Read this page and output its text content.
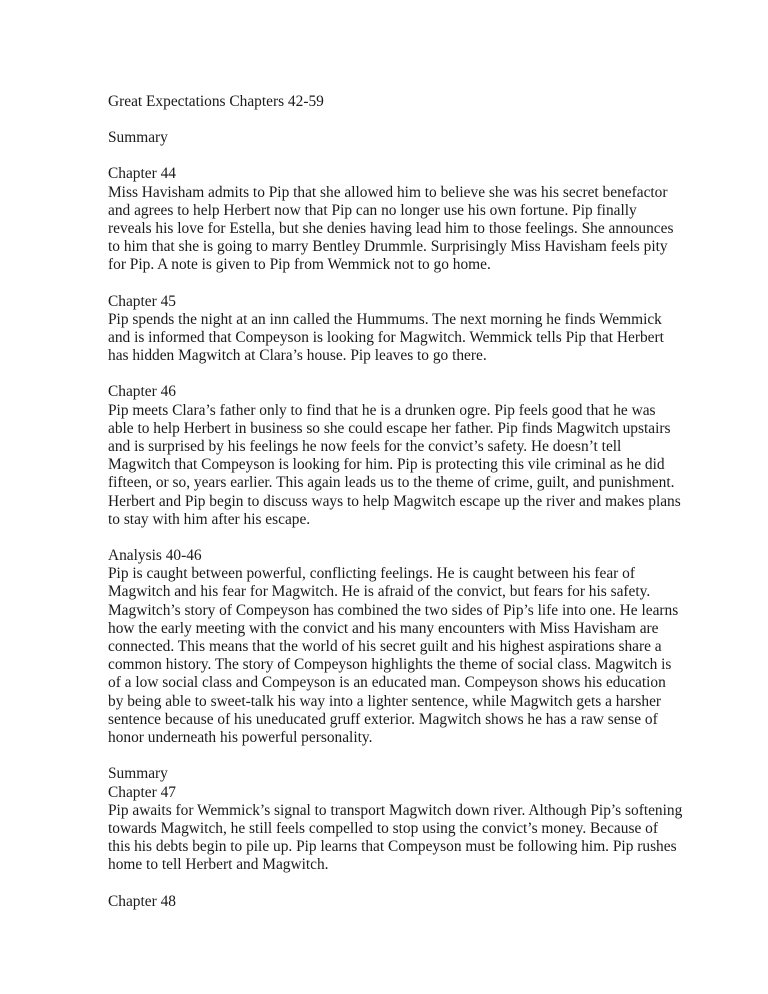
Great Expectations Chapters 42-59
Summary
Chapter 44

Miss Havisham admits to Pip that she allowed him to believe she was his secret benefactor and agrees to help Herbert now that Pip can no longer use his own fortune. Pip finally reveals his love for Estella, but she denies having lead him to those feelings. She announces to him that she is going to marry Bentley Drummle. Surprisingly Miss Havisham feels pity for Pip. A note is given to Pip from Wemmick not to go home.

Chapter 45

Pip spends the night at an inn called the Hummums. The next morning he finds Wemmick and is informed that Compeyson is looking for Magwitch. Wemmick tells Pip that Herbert has hidden Magwitch at Clara’s house. Pip leaves to go there.

Chapter 46

Pip meets Clara’s father only to find that he is a drunken ogre. Pip feels good that he was able to help Herbert in business so she could escape her father. Pip finds Magwitch upstairs and is surprised by his feelings he now feels for the convict’s safety. He doesn’t tell Magwitch that Compeyson is looking for him. Pip is protecting this vile criminal as he did fifteen, or so, years earlier. This again leads us to the theme of crime, guilt, and punishment. Herbert and Pip begin to discuss ways to help Magwitch escape up the river and makes plans to stay with him after his escape.

Analysis 40-46

Pip is caught between powerful, conflicting feelings. He is caught between his fear of Magwitch and his fear for Magwitch. He is afraid of the convict, but fears for his safety. Magwitch’s story of Compeyson has combined the two sides of Pip’s life into one. He learns how the early meeting with the convict and his many encounters with Miss Havisham are connected. This means that the world of his secret guilt and his highest aspirations share a common history. The story of Compeyson highlights the theme of social class. Magwitch is of a low social class and Compeyson is an educated man. Compeyson shows his education by being able to sweet-talk his way into a lighter sentence, while Magwitch gets a harsher sentence because of his uneducated gruff exterior. Magwitch shows he has a raw sense of honor underneath his powerful personality.

Summary
Chapter 47

Pip awaits for Wemmick’s signal to transport Magwitch down river. Although Pip’s softening towards Magwitch, he still feels compelled to stop using the convict’s money. Because of this his debts begin to pile up. Pip learns that Compeyson must be following him. Pip rushes home to tell Herbert and Magwitch.

Chapter 48
